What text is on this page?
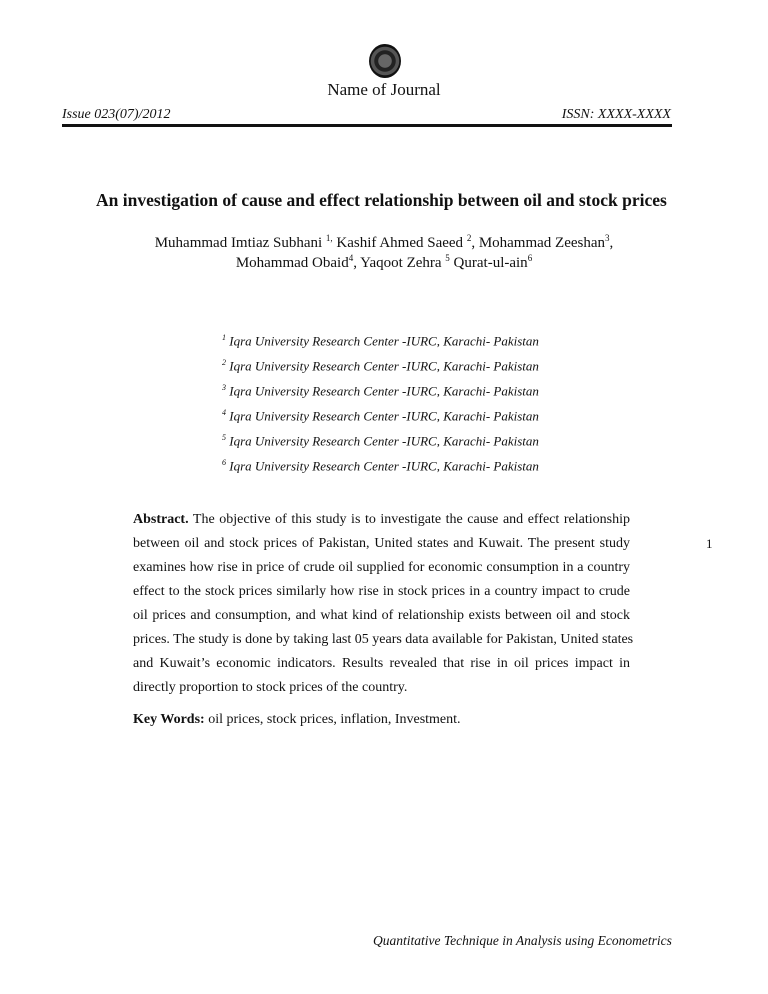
Name of Journal
Issue 023(07)/2012	ISSN: XXXX-XXXX
An investigation of cause and effect relationship between oil and stock prices
Muhammad Imtiaz Subhani $^{1,}$ Kashif Ahmed Saeed $^2$, Mohammad Zeeshan$^3$,
Mohammad Obaid$^4$, Yaqoot Zehra $^5$ Qurat-ul-ain$^6$
$^1$ Iqra University Research Center -IURC, Karachi- Pakistan
$^2$ Iqra University Research Center -IURC, Karachi- Pakistan
$^3$ Iqra University Research Center -IURC, Karachi- Pakistan
$^4$ Iqra University Research Center -IURC, Karachi- Pakistan
$^5$ Iqra University Research Center -IURC, Karachi- Pakistan
$^6$ Iqra University Research Center -IURC, Karachi- Pakistan
Abstract. The objective of this study is to investigate the cause and effect relationship
between oil and stock prices of Pakistan, United states and Kuwait. The present study
examines how rise in price of crude oil supplied for economic consumption in a country
effect to the stock prices similarly how rise in stock prices in a country impact to crude
oil prices and consumption, and what kind of relationship exists between oil and stock
prices. The study is done by taking last 05 years data available for Pakistan, United states
and Kuwait’s economic indicators. Results revealed that rise in oil prices impact in
directly proportion to stock prices of the country.
Key Words: oil prices, stock prices, inflation, Investment.
1
Quantitative Technique in Analysis using Econometrics
